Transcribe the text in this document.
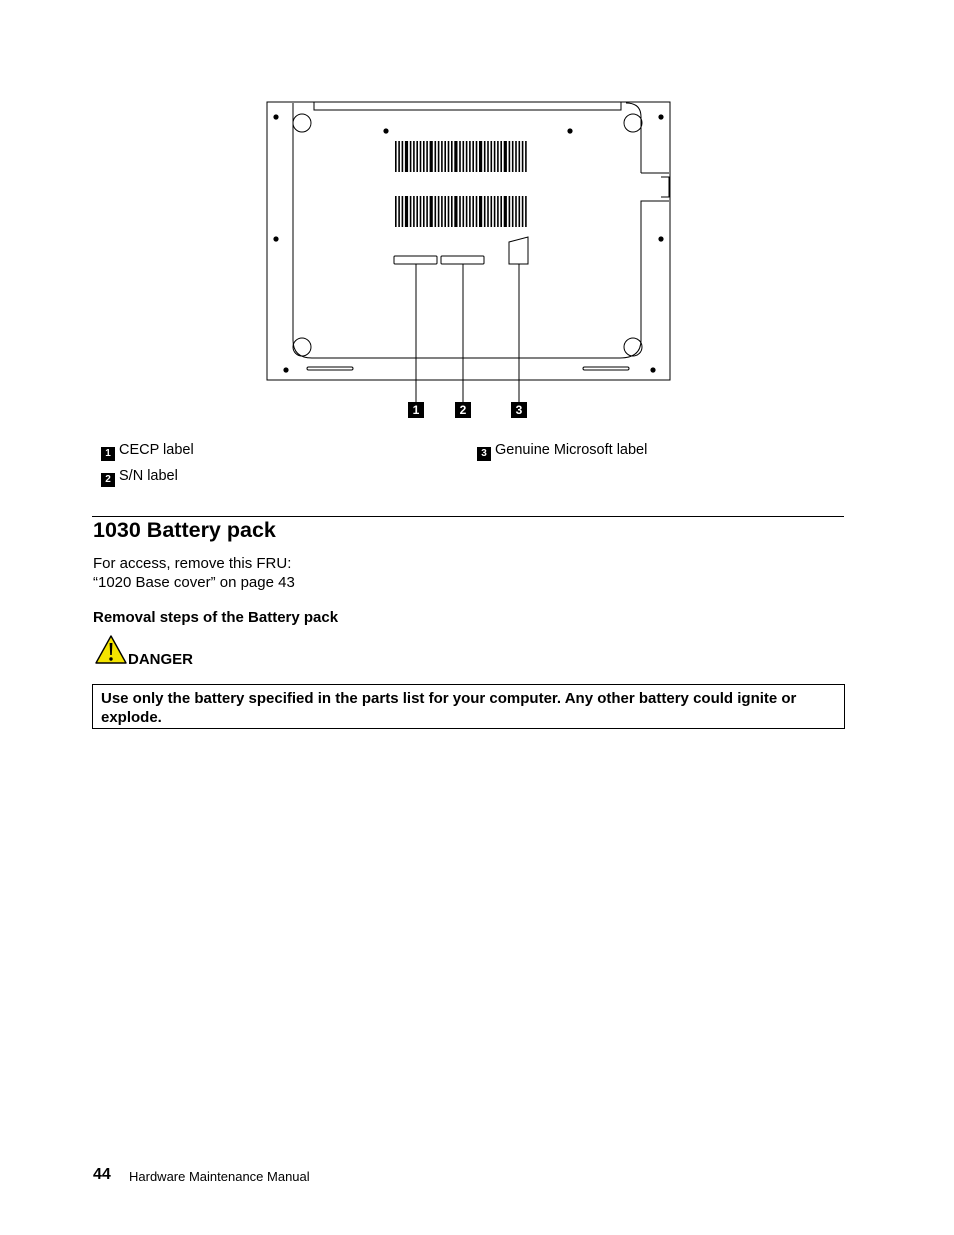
1	2	3
1 CECP label
2 S/N label
3 Genuine Microsoft label
1030 Battery pack
For access, remove this FRU:
“1020 Base cover” on page 43
Removal steps of the Battery pack
DANGER
Use only the battery specified in the parts list for your computer. Any other battery could ignite or explode.
44 Hardware Maintenance Manual
